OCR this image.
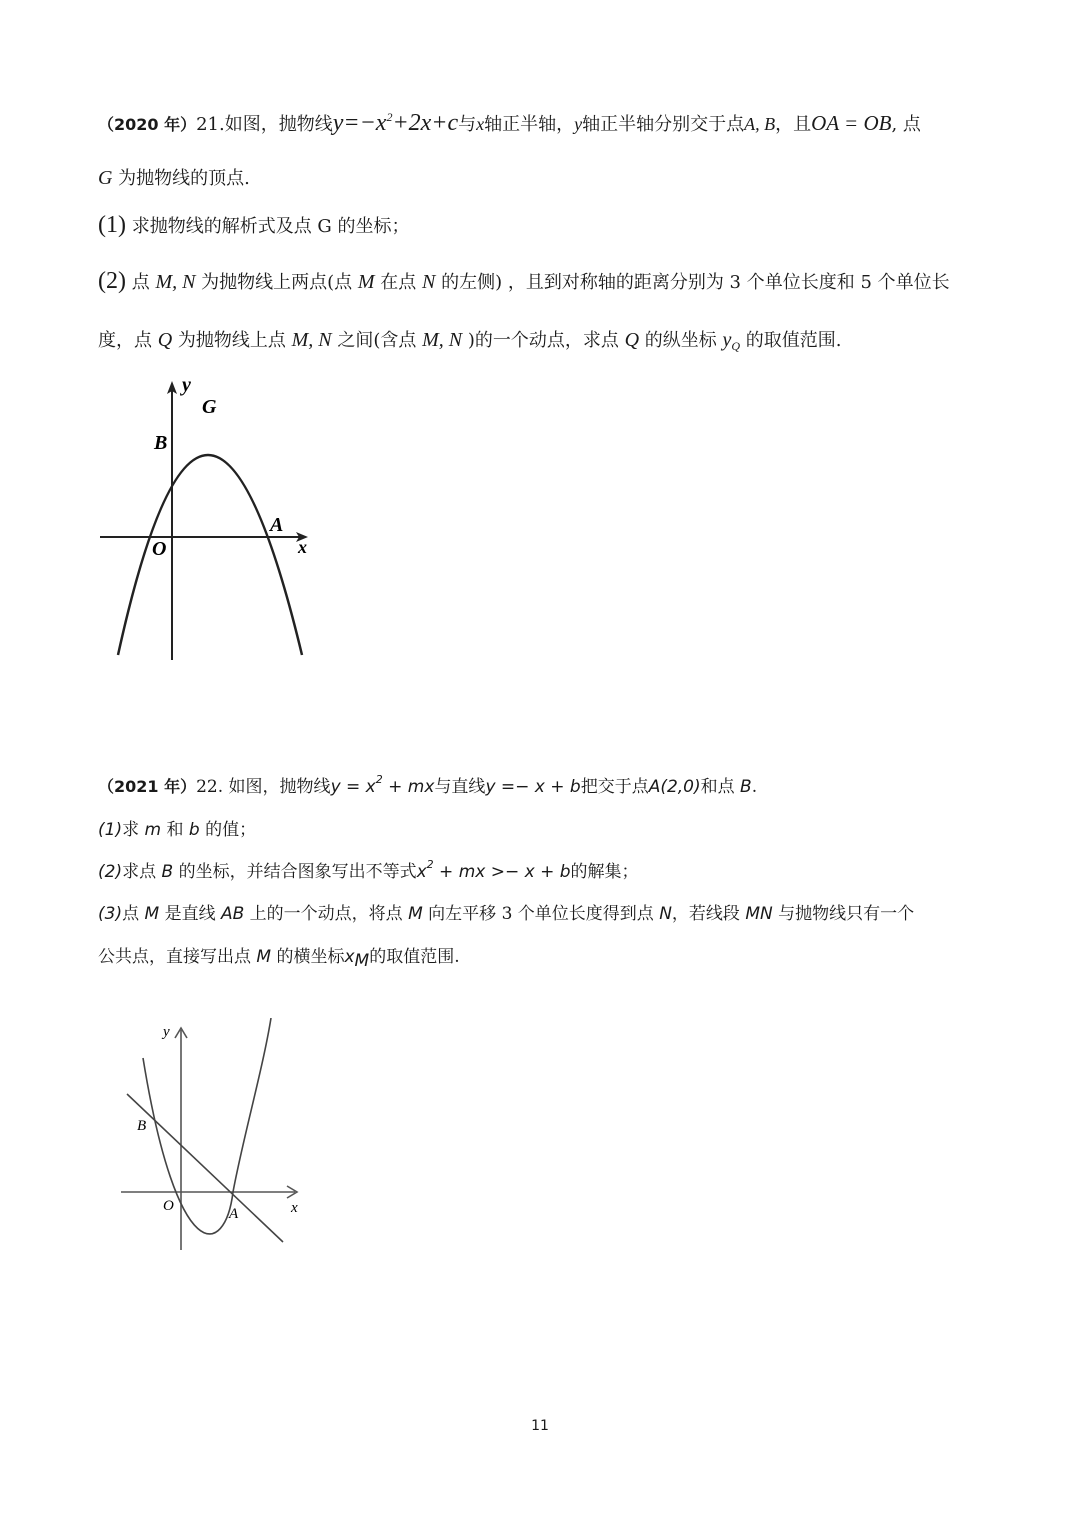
（2020 年）21.如图，抛物线$y=-x^2+2x+c$与x轴正半轴，y轴正半轴分别交于点A, B，且OA = OB, 点
G 为抛物线的顶点.
(1) 求抛物线的解析式及点 G 的坐标；
(2) 点 M, N 为抛物线上两点(点 M 在点 N 的左侧) ，且到对称轴的距离分别为 3 个单位长度和 5 个单位长
度，点 Q 为抛物线上点 M, N 之间(含点 M, N )的一个动点，求点 Q 的纵坐标 $y_Q$ 的取值范围.
y
G
B
A
O	x
（2021 年）22. 如图，抛物线$y = x^2$ + mx与直线y =− x + b把交于点A(2,0)和点 B.
(1)求 m 和 b 的值；
(2)求点 B 的坐标，并结合图象写出不等式$x^2$ + mx >− x + b的解集；
(3)点 M 是直线 AB 上的一个动点，将点 M 向左平移 3 个单位长度得到点 N，若线段 MN 与抛物线只有一个
公共点，直接写出点 M 的横坐标$x_M$的取值范围.
y
B
O	A	x
11
